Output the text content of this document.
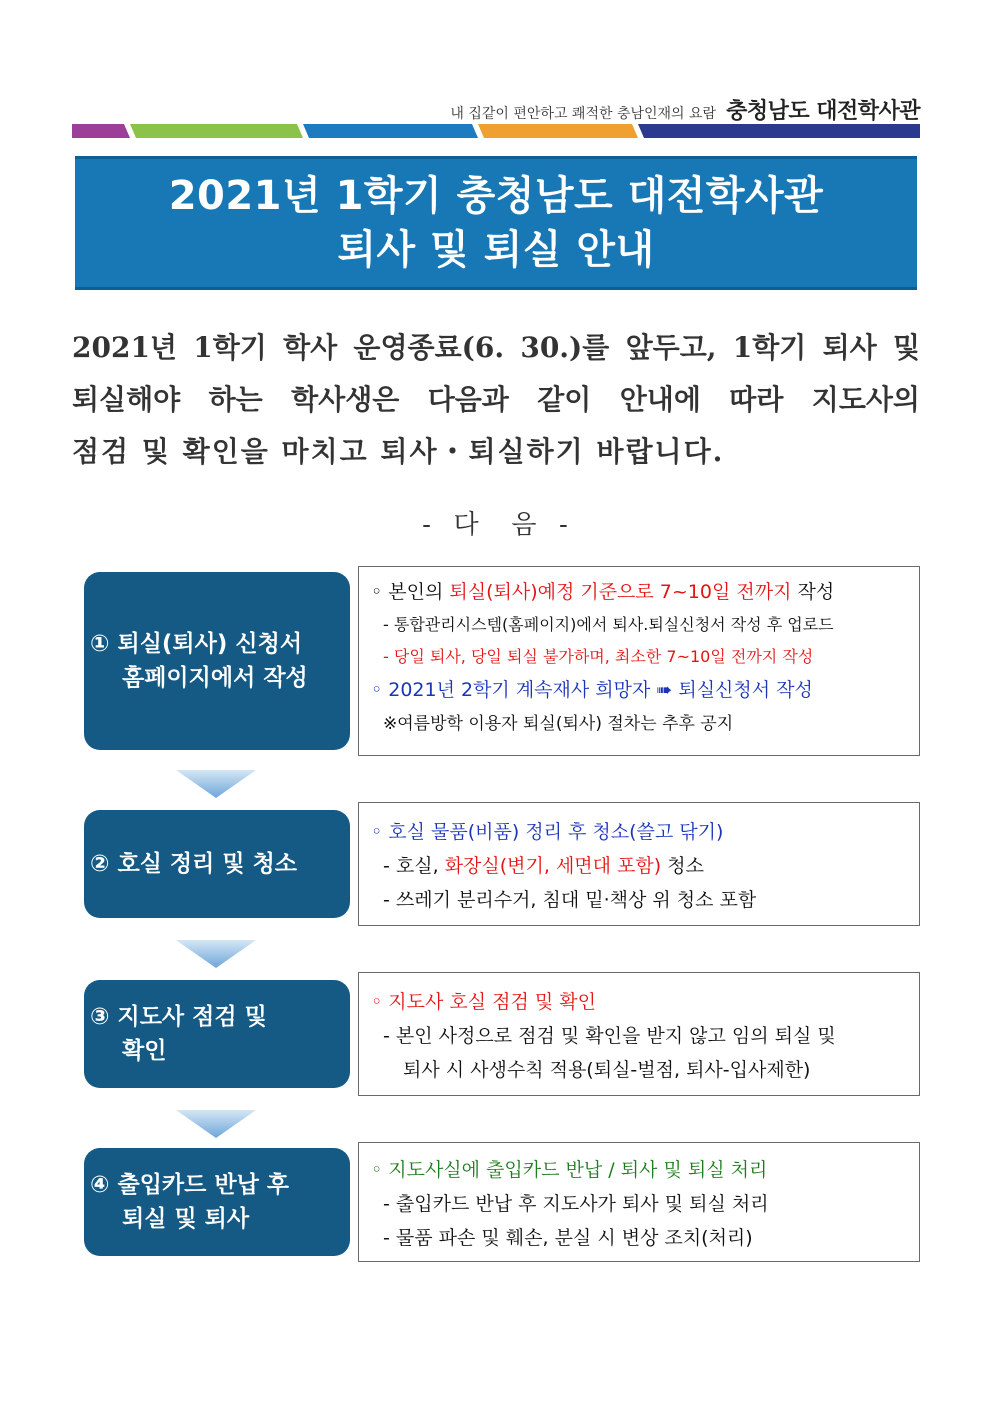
내 집같이 편안하고 쾌적한 충남인재의 요람 충청남도 대전학사관
2021년 1학기 충청남도 대전학사관
퇴사 및 퇴실 안내

2021년 1학기 학사 운영종료(6. 30.)를 앞두고, 1학기 퇴사 및
퇴실해야 하는 학사생은 다음과 같이 안내에 따라 지도사의
점검 및 확인을 마치고 퇴사・퇴실하기 바랍니다.

-  다   음  -
① 퇴실(퇴사) 신청서
홈페이지에서 작성
◦ 본인의 퇴실(퇴사)예정 기준으로 7~10일 전까지 작성
- 통합관리시스템(홈페이지)에서 퇴사.퇴실신청서 작성 후 업로드
- 당일 퇴사, 당일 퇴실 불가하며, 최소한 7~10일 전까지 작성
◦ 2021년 2학기 계속재사 희망자 ➠ 퇴실신청서 작성
※여름방학 이용자 퇴실(퇴사) 절차는 추후 공지
② 호실 정리 및 청소
◦ 호실 물품(비품) 정리 후 청소(쓸고 닦기)
- 호실, 화장실(변기, 세면대 포함) 청소
- 쓰레기 분리수거, 침대 밑·책상 위 청소 포함
③ 지도사 점검 및
확인
◦ 지도사 호실 점검 및 확인
- 본인 사정으로 점검 및 확인을 받지 않고 임의 퇴실 및
퇴사 시 사생수칙 적용(퇴실-벌점, 퇴사-입사제한)
④ 출입카드 반납 후
퇴실 및 퇴사
◦ 지도사실에 출입카드 반납 / 퇴사 및 퇴실 처리
- 출입카드 반납 후 지도사가 퇴사 및 퇴실 처리
- 물품 파손 및 훼손, 분실 시 변상 조치(처리)
